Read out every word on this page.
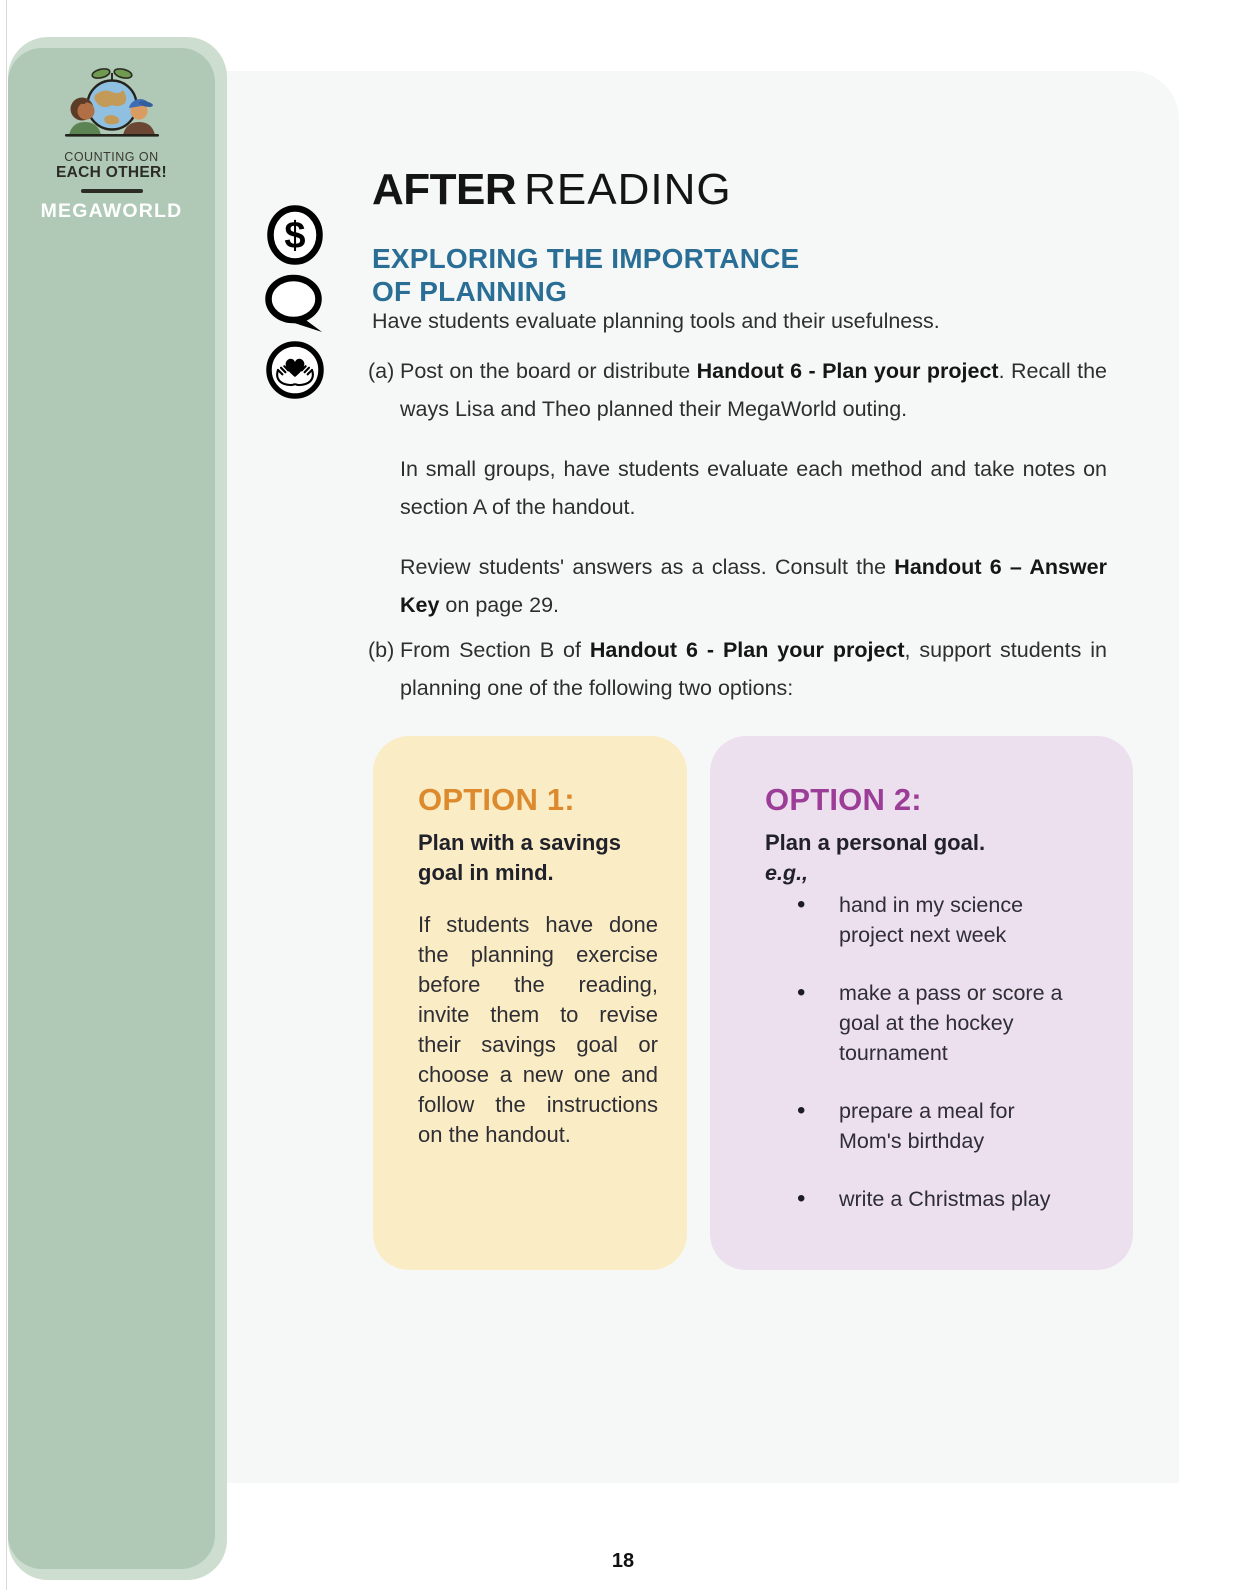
COUNTING ON
EACH OTHER!
MEGAWORLD	AFTER READING
$
EXPLORING THE IMPORTANCE
OF PLANNING

Have students evaluate planning tools and their usefulness.

(a) Post on the board or distribute Handout 6 - Plan your project. Recall the ways Lisa and Theo planned their MegaWorld outing.

In small groups, have students evaluate each method and take notes on section A of the handout.

Review students' answers as a class. Consult the Handout 6 – Answer Key on page 29.

(b) From Section B of Handout 6 - Plan your project, support students in planning one of the following two options:

OPTION 1:
Plan with a savings goal in mind.
If students have done the planning exercise before the reading, invite them to revise their savings goal or choose a new one and follow the instructions on the handout.
OPTION 2:
Plan a personal goal.
e.g.,
• hand in my science project next week
• make a pass or score a goal at the hockey tournament
• prepare a meal for Mom's birthday
• write a Christmas play
18
